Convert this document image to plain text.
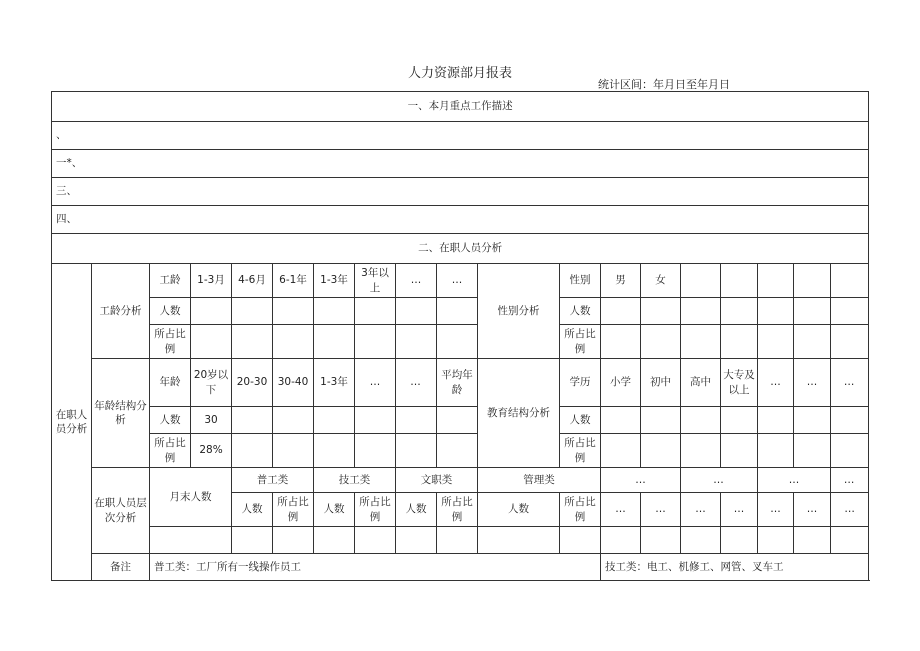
人力资源部月报表
统计区间：年月日至年月日
一、本月重点工作描述																			
、																			
一*、																			
三、																			
四、																			
二、在职人员分析																			
在职人员分析	工龄分析	工龄	1-3月	4-6月	6-1年	1-3年	3年以上	…	…	性别分析	性别	男	女						
		人数									人数								
		所占比例									所占比例								
	年龄结构分析	年龄	20岁以下	20-30	30-40	1-3年	…	…	平均年龄	教育结构分析	学历	小学	初中	高中	大专及以上	…	…	…	
		人数	30								人数								
		所占比例	28%								所占比例								
	在职人员层次分析	月末人数		普工类		技工类		文职类		管理类		…		…		…		…	
				人数	所占比例	人数	所占比例	人数	所占比例	人数	所占比例	…	…	…	…	…	…	…	

	备注	普工类：工厂所有一线操作员工										技工类：电工、机修工、网管、叉车工							
